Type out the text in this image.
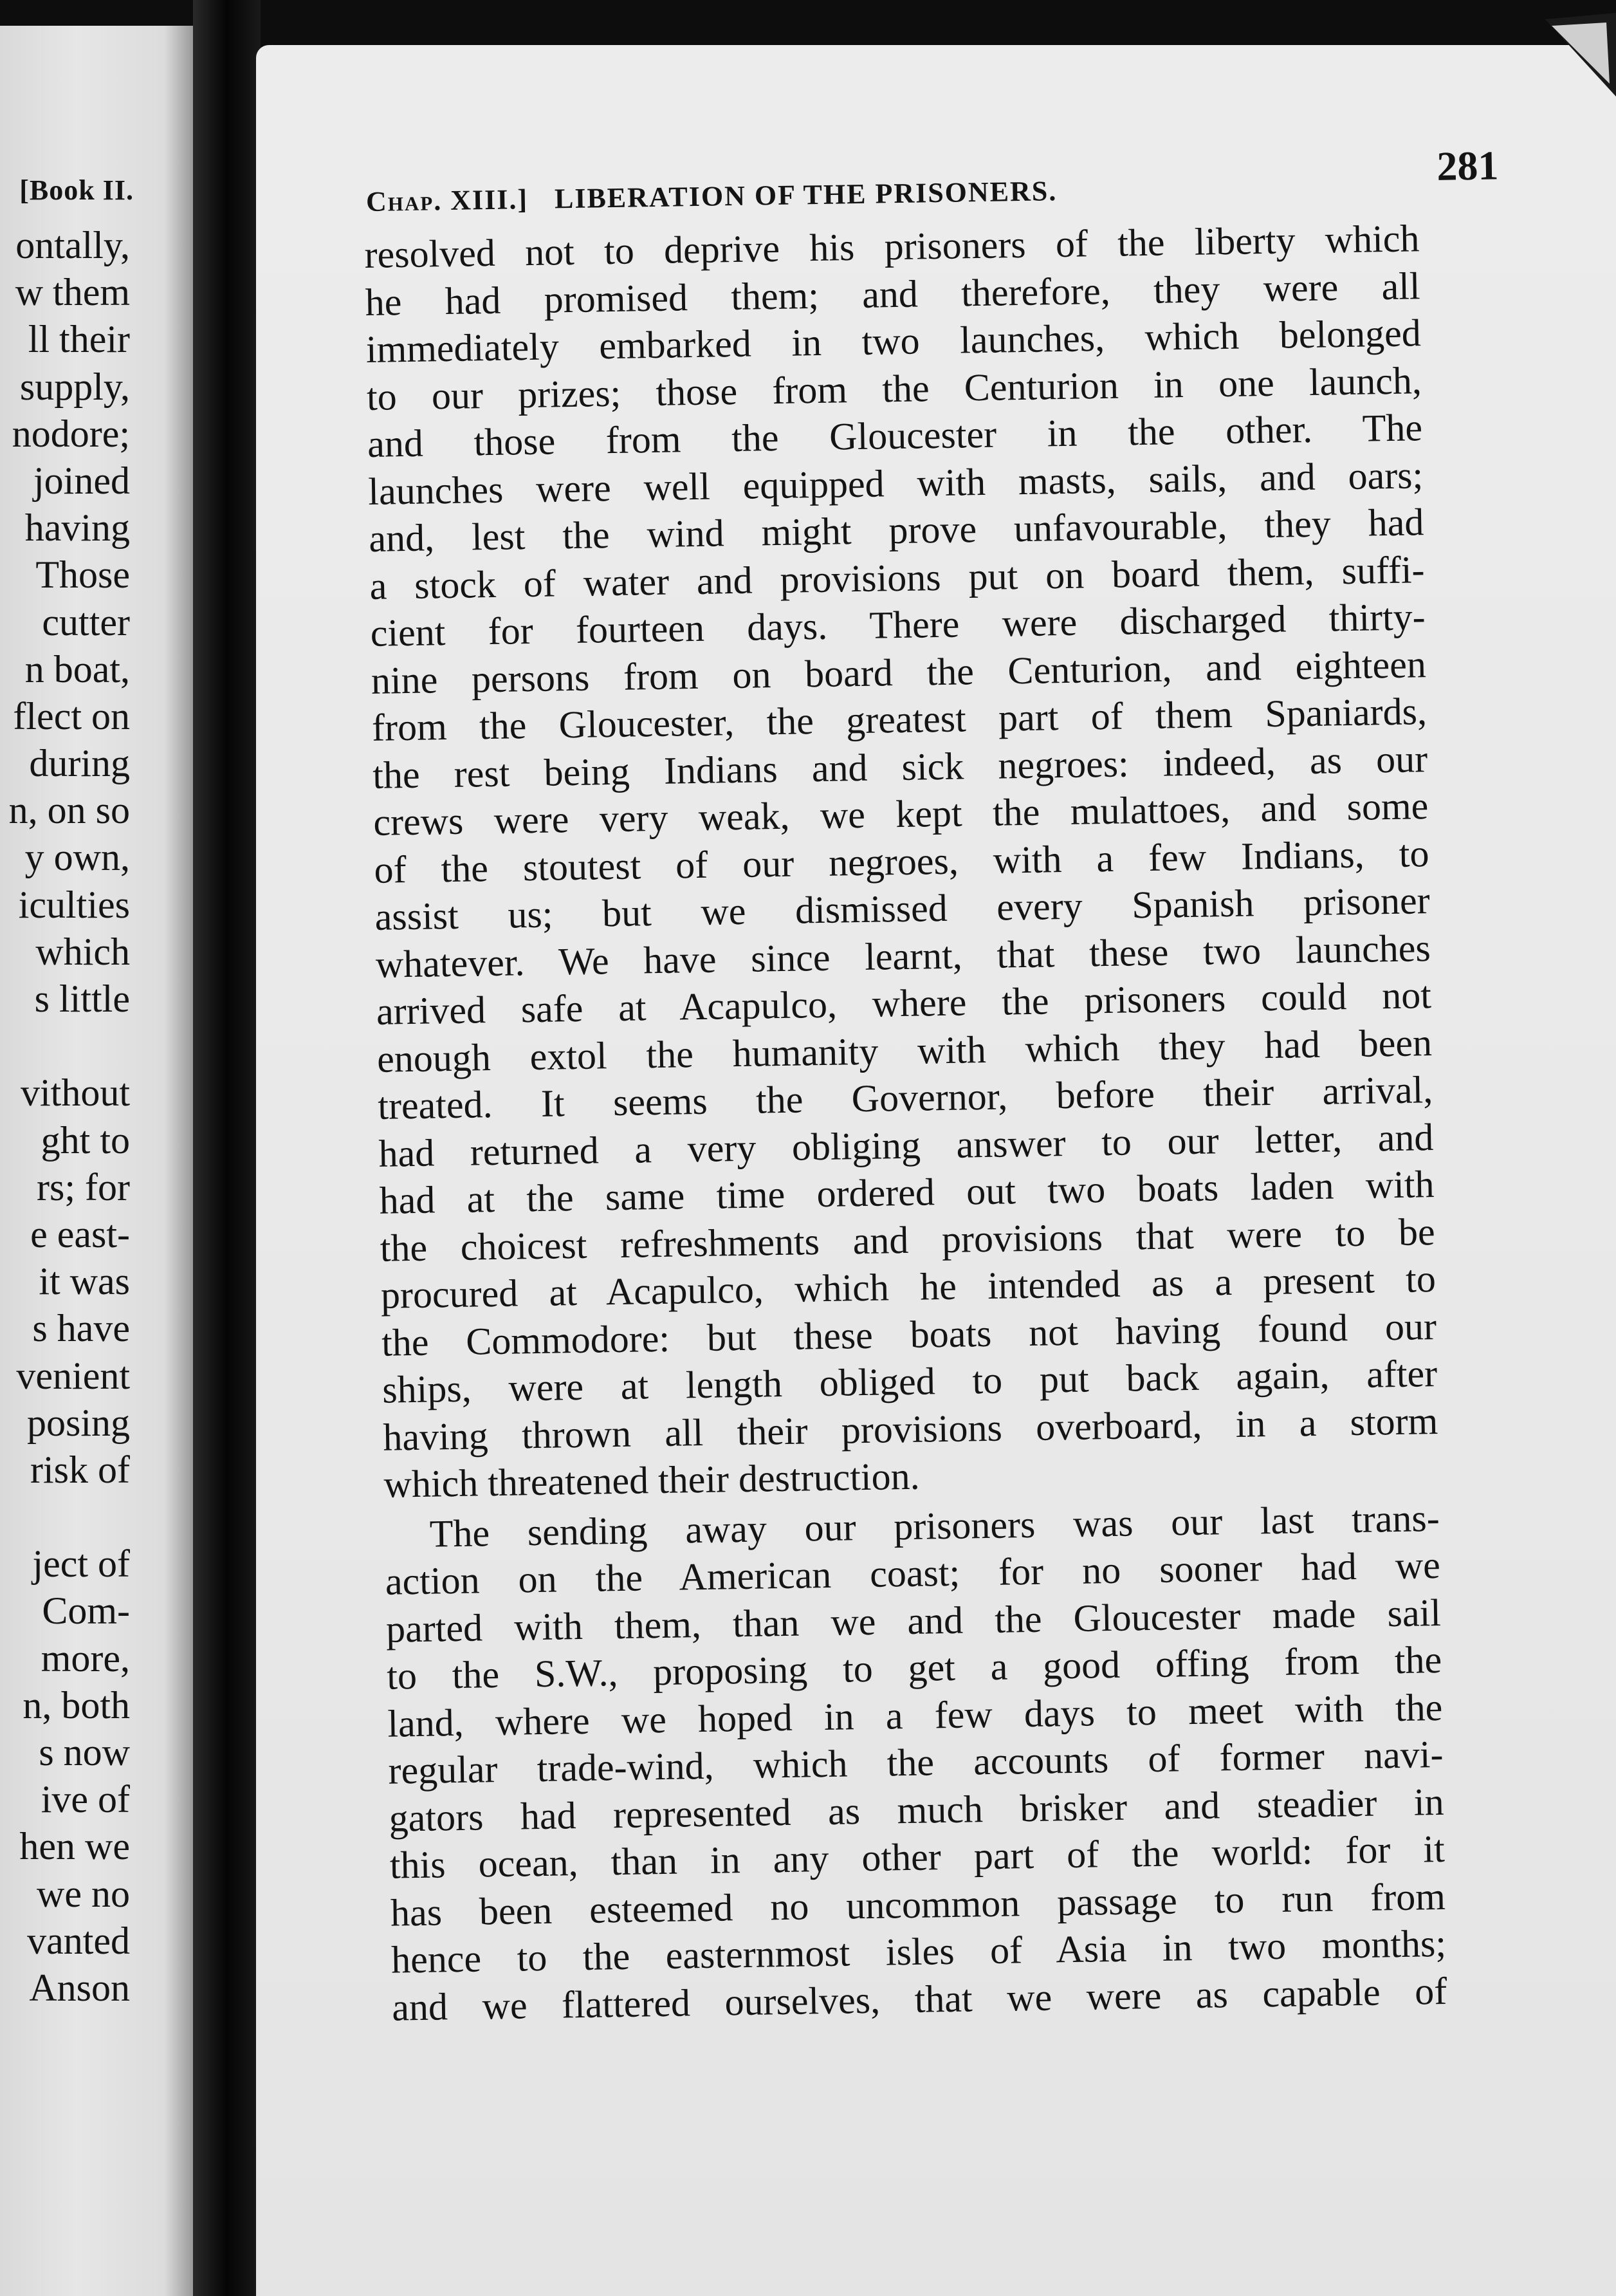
[Book II.
ontally,
w them
ll their
supply,
nodore;
joined
having
Those
cutter
n boat,
flect on
during
n, on so
y own,
iculties
which
s little
vithout
ght to
rs; for
e east-
it was
s have
venient
posing
risk of
ject of
Com-
more,
n, both
s now
ive of
hen we
we no
vanted
Anson
Chap. XIII.] LIBERATION OF THE PRISONERS.
281
resolved not to deprive his prisoners of the liberty which
he had promised them; and therefore, they were all
immediately embarked in two launches, which belonged
to our prizes; those from the Centurion in one launch,
and those from the Gloucester in the other. The
launches were well equipped with masts, sails, and oars;
and, lest the wind might prove unfavourable, they had
a stock of water and provisions put on board them, suffi-
cient for fourteen days. There were discharged thirty-
nine persons from on board the Centurion, and eighteen
from the Gloucester, the greatest part of them Spaniards,
the rest being Indians and sick negroes: indeed, as our
crews were very weak, we kept the mulattoes, and some
of the stoutest of our negroes, with a few Indians, to
assist us; but we dismissed every Spanish prisoner
whatever. We have since learnt, that these two launches
arrived safe at Acapulco, where the prisoners could not
enough extol the humanity with which they had been
treated. It seems the Governor, before their arrival,
had returned a very obliging answer to our letter, and
had at the same time ordered out two boats laden with
the choicest refreshments and provisions that were to be
procured at Acapulco, which he intended as a present to
the Commodore: but these boats not having found our
ships, were at length obliged to put back again, after
having thrown all their provisions overboard, in a storm
which threatened their destruction.
The sending away our prisoners was our last trans-
action on the American coast; for no sooner had we
parted with them, than we and the Gloucester made sail
to the S.W., proposing to get a good offing from the
land, where we hoped in a few days to meet with the
regular trade-wind, which the accounts of former navi-
gators had represented as much brisker and steadier in
this ocean, than in any other part of the world: for it
has been esteemed no uncommon passage to run from
hence to the easternmost isles of Asia in two months;
and we flattered ourselves, that we were as capable of
